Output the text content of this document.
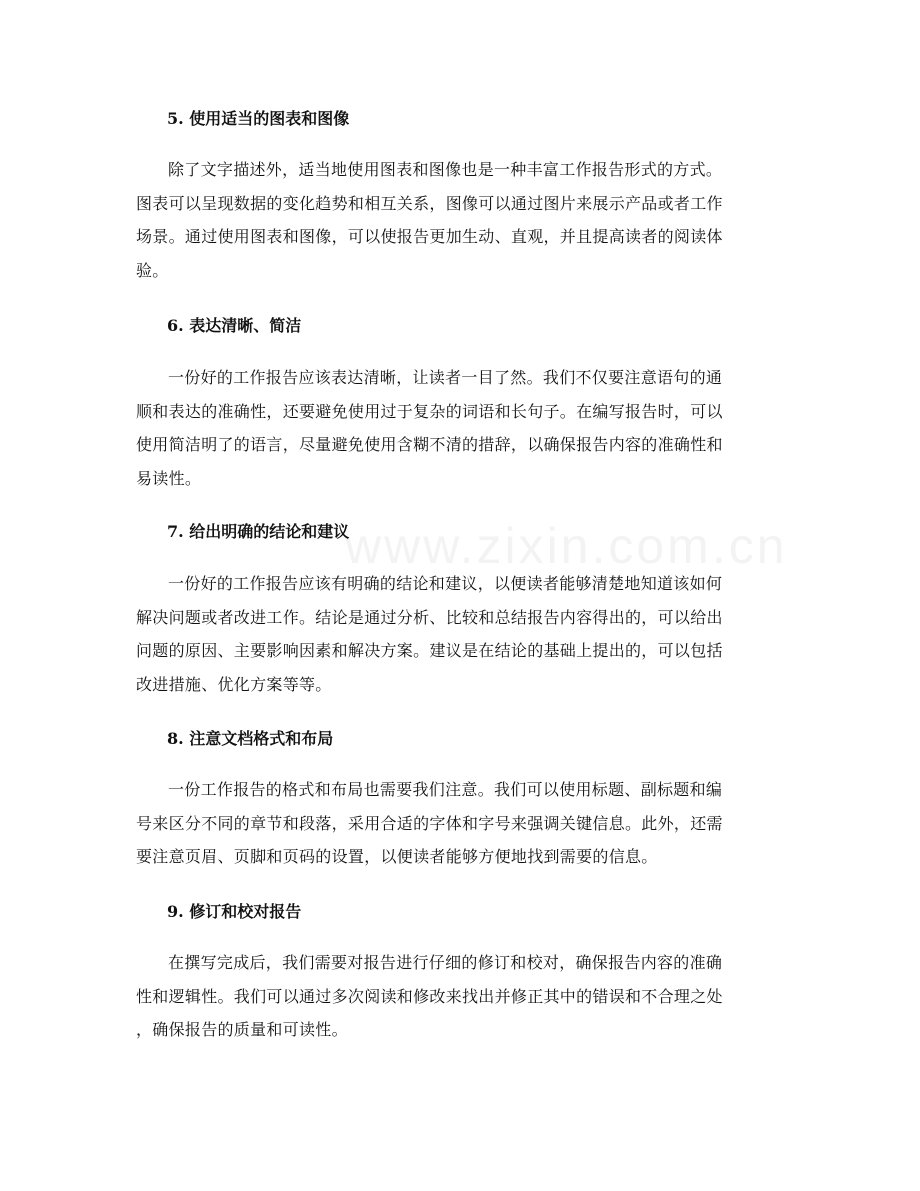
www.zixin.com.cn
5. 使用适当的图表和图像

除了文字描述外，适当地使用图表和图像也是一种丰富工作报告形式的方式。
图表可以呈现数据的变化趋势和相互关系，图像可以通过图片来展示产品或者工作
场景。通过使用图表和图像，可以使报告更加生动、直观，并且提高读者的阅读体
验。

6. 表达清晰、简洁

一份好的工作报告应该表达清晰，让读者一目了然。我们不仅要注意语句的通
顺和表达的准确性，还要避免使用过于复杂的词语和长句子。在编写报告时，可以
使用简洁明了的语言，尽量避免使用含糊不清的措辞，以确保报告内容的准确性和
易读性。

7. 给出明确的结论和建议

一份好的工作报告应该有明确的结论和建议，以便读者能够清楚地知道该如何
解决问题或者改进工作。结论是通过分析、比较和总结报告内容得出的，可以给出
问题的原因、主要影响因素和解决方案。建议是在结论的基础上提出的，可以包括
改进措施、优化方案等等。

8. 注意文档格式和布局

一份工作报告的格式和布局也需要我们注意。我们可以使用标题、副标题和编
号来区分不同的章节和段落，采用合适的字体和字号来强调关键信息。此外，还需
要注意页眉、页脚和页码的设置，以便读者能够方便地找到需要的信息。

9. 修订和校对报告

在撰写完成后，我们需要对报告进行仔细的修订和校对，确保报告内容的准确
性和逻辑性。我们可以通过多次阅读和修改来找出并修正其中的错误和不合理之处
，确保报告的质量和可读性。
